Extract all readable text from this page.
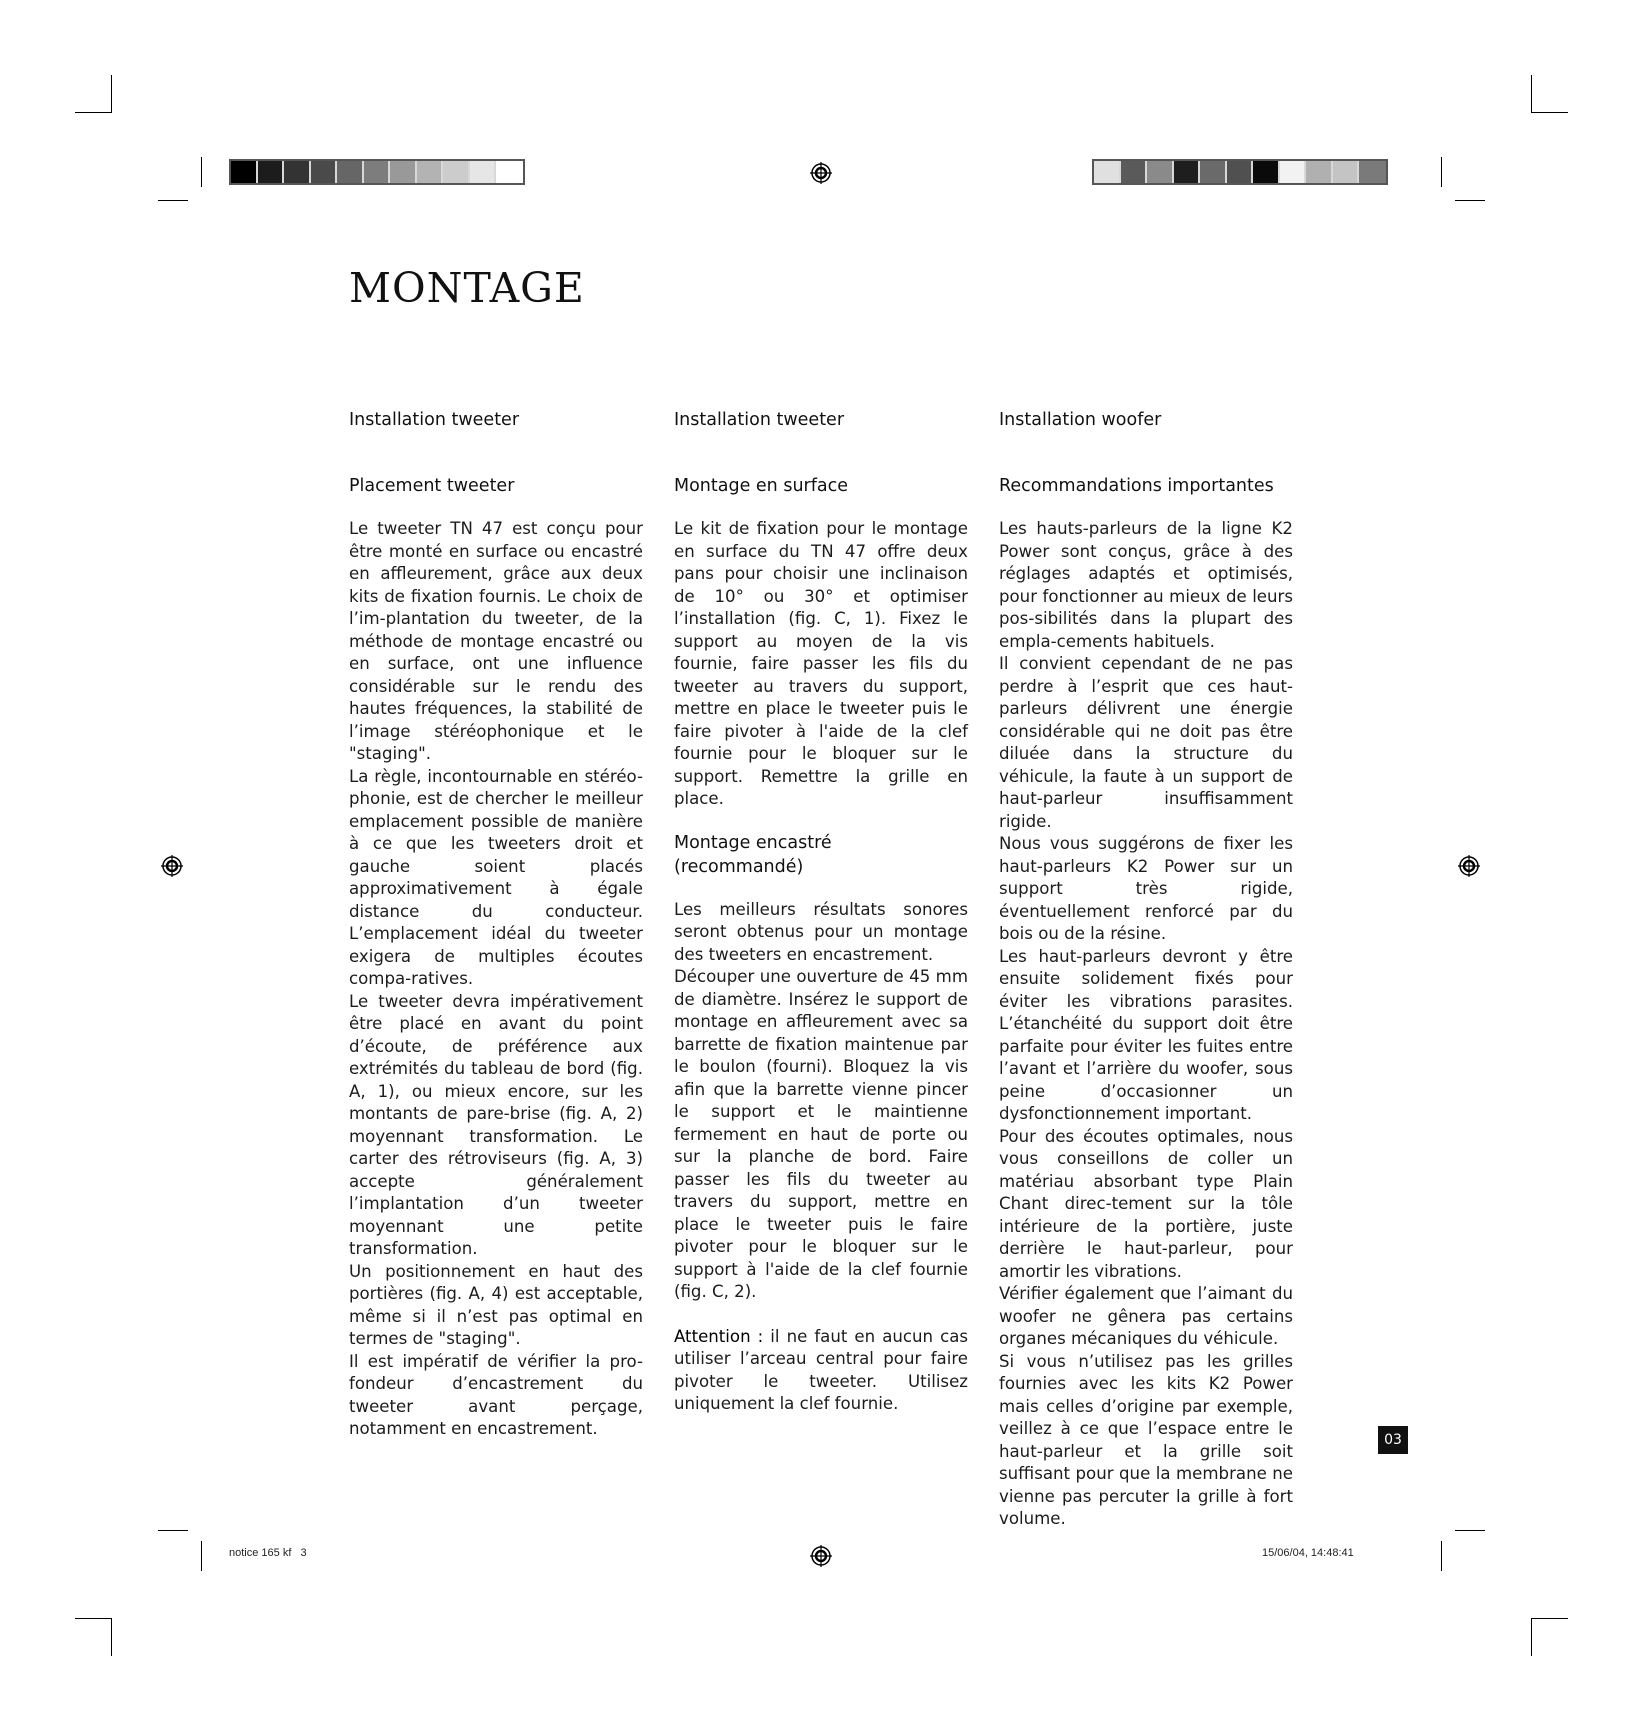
MONTAGE
Installation tweeter
Placement tweeter

Le tweeter TN 47 est conçu pour être monté en surface ou encastré en affleurement, grâce aux deux kits de fixation fournis. Le choix de l’im-plantation du tweeter, de la méthode de montage encastré ou en surface, ont une influence considérable sur le rendu des hautes fréquences, la stabilité de l’image stéréophonique et le "staging".

La règle, incontournable en stéréo-phonie, est de chercher le meilleur emplacement possible de manière à ce que les tweeters droit et gauche soient placés approximativement à égale distance du conducteur. L’emplacement idéal du tweeter exigera de multiples écoutes compa-ratives.

Le tweeter devra impérativement être placé en avant du point d’écoute, de préférence aux extrémités du tableau de bord (fig. A, 1), ou mieux encore, sur les montants de pare-brise (fig. A, 2) moyennant transformation. Le carter des rétroviseurs (fig. A, 3) accepte généralement l’implantation d’un tweeter moyennant une petite transformation.

Un positionnement en haut des portières (fig. A, 4) est acceptable, même si il n’est pas optimal en termes de "staging".

Il est impératif de vérifier la pro-fondeur d’encastrement du tweeter avant perçage, notamment en encastrement.

Installation tweeter
Montage en surface

Le kit de fixation pour le montage en surface du TN 47 offre deux pans pour choisir une inclinaison de 10° ou 30° et optimiser l’installation (fig. C, 1). Fixez le support au moyen de la vis fournie, faire passer les fils du tweeter au travers du support, mettre en place le tweeter puis le faire pivoter à l'aide de la clef fournie pour le bloquer sur le support. Remettre la grille en place.

Montage encastré
(recommandé)

Les meilleurs résultats sonores seront obtenus pour un montage des tweeters en encastrement.

Découper une ouverture de 45 mm de diamètre. Insérez le support de montage en affleurement avec sa barrette de fixation maintenue par le boulon (fourni). Bloquez la vis afin que la barrette vienne pincer le support et le maintienne fermement en haut de porte ou sur la planche de bord. Faire passer les fils du tweeter au travers du support, mettre en place le tweeter puis le faire pivoter pour le bloquer sur le support à l'aide de la clef fournie (fig. C, 2).

Attention : il ne faut en aucun cas utiliser l’arceau central pour faire pivoter le tweeter. Utilisez uniquement la clef fournie.

Installation woofer
Recommandations importantes

Les hauts-parleurs de la ligne K2 Power sont conçus, grâce à des réglages adaptés et optimisés, pour fonctionner au mieux de leurs pos-sibilités dans la plupart des empla-cements habituels.

Il convient cependant de ne pas perdre à l’esprit que ces haut-parleurs délivrent une énergie considérable qui ne doit pas être diluée dans la structure du véhicule, la faute à un support de haut-parleur insuffisamment rigide.

Nous vous suggérons de fixer les haut-parleurs K2 Power sur un support très rigide, éventuellement renforcé par du bois ou de la résine.

Les haut-parleurs devront y être ensuite solidement fixés pour éviter les vibrations parasites. L’étanchéité du support doit être parfaite pour éviter les fuites entre l’avant et l’arrière du woofer, sous peine d’occasionner un dysfonctionnement important.

Pour des écoutes optimales, nous vous conseillons de coller un matériau absorbant type Plain Chant direc-tement sur la tôle intérieure de la portière, juste derrière le haut-parleur, pour amortir les vibrations.

Vérifier également que l’aimant du woofer ne gênera pas certains organes mécaniques du véhicule.

Si vous n’utilisez pas les grilles fournies avec les kits K2 Power mais celles d’origine par exemple, veillez à ce que l’espace entre le haut-parleur et la grille soit suffisant pour que la membrane ne vienne pas percuter la grille à fort volume.

03
notice 165 kf   3	15/06/04, 14:48:41
